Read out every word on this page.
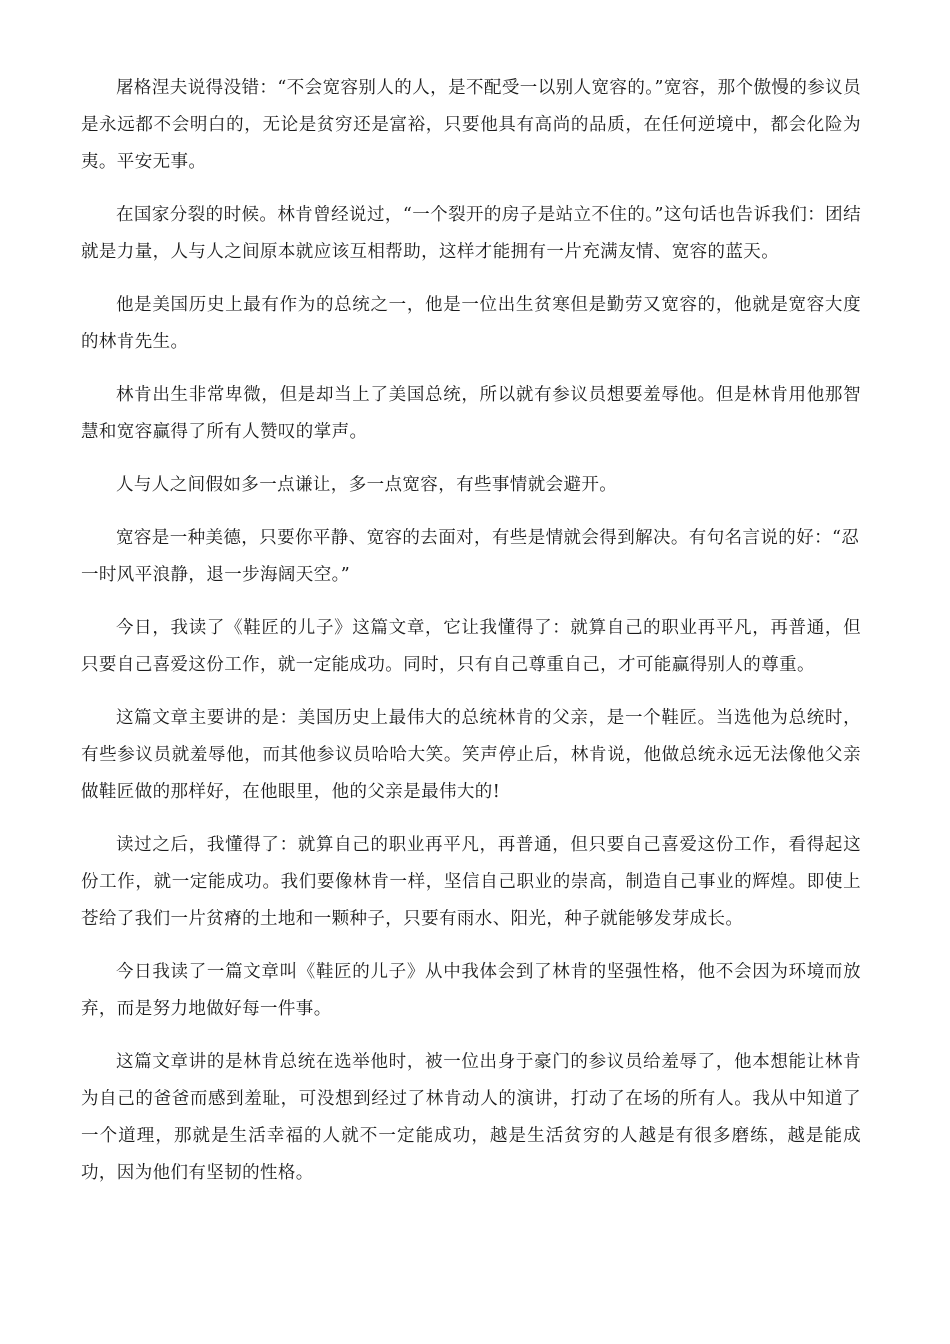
屠格涅夫说得没错：“不会宽容别人的人，是不配受一以别人宽容的。”宽容，那个傲慢的参议员是永远都不会明白的，无论是贫穷还是富裕，只要他具有高尚的品质，在任何逆境中，都会化险为夷。平安无事。

在国家分裂的时候。林肯曾经说过，“一个裂开的房子是站立不住的。”这句话也告诉我们：团结就是力量，人与人之间原本就应该互相帮助，这样才能拥有一片充满友情、宽容的蓝天。

他是美国历史上最有作为的总统之一，他是一位出生贫寒但是勤劳又宽容的，他就是宽容大度的林肯先生。

林肯出生非常卑微，但是却当上了美国总统，所以就有参议员想要羞辱他。但是林肯用他那智慧和宽容赢得了所有人赞叹的掌声。

人与人之间假如多一点谦让，多一点宽容，有些事情就会避开。

宽容是一种美德，只要你平静、宽容的去面对，有些是情就会得到解决。有句名言说的好：“忍一时风平浪静，退一步海阔天空。”

今日，我读了《鞋匠的儿子》这篇文章，它让我懂得了：就算自己的职业再平凡，再普通，但只要自己喜爱这份工作，就一定能成功。同时，只有自己尊重自己，才可能赢得别人的尊重。

这篇文章主要讲的是：美国历史上最伟大的总统林肯的父亲，是一个鞋匠。当选他为总统时，有些参议员就羞辱他，而其他参议员哈哈大笑。笑声停止后，林肯说，他做总统永远无法像他父亲做鞋匠做的那样好，在他眼里，他的父亲是最伟大的!

读过之后，我懂得了：就算自己的职业再平凡，再普通，但只要自己喜爱这份工作，看得起这份工作，就一定能成功。我们要像林肯一样，坚信自己职业的崇高，制造自己事业的辉煌。即使上苍给了我们一片贫瘠的土地和一颗种子，只要有雨水、阳光，种子就能够发芽成长。

今日我读了一篇文章叫《鞋匠的儿子》从中我体会到了林肯的坚强性格，他不会因为环境而放弃，而是努力地做好每一件事。

这篇文章讲的是林肯总统在选举他时，被一位出身于豪门的参议员给羞辱了，他本想能让林肯为自己的爸爸而感到羞耻，可没想到经过了林肯动人的演讲，打动了在场的所有人。我从中知道了一个道理，那就是生活幸福的人就不一定能成功，越是生活贫穷的人越是有很多磨练，越是能成功，因为他们有坚韧的性格。
